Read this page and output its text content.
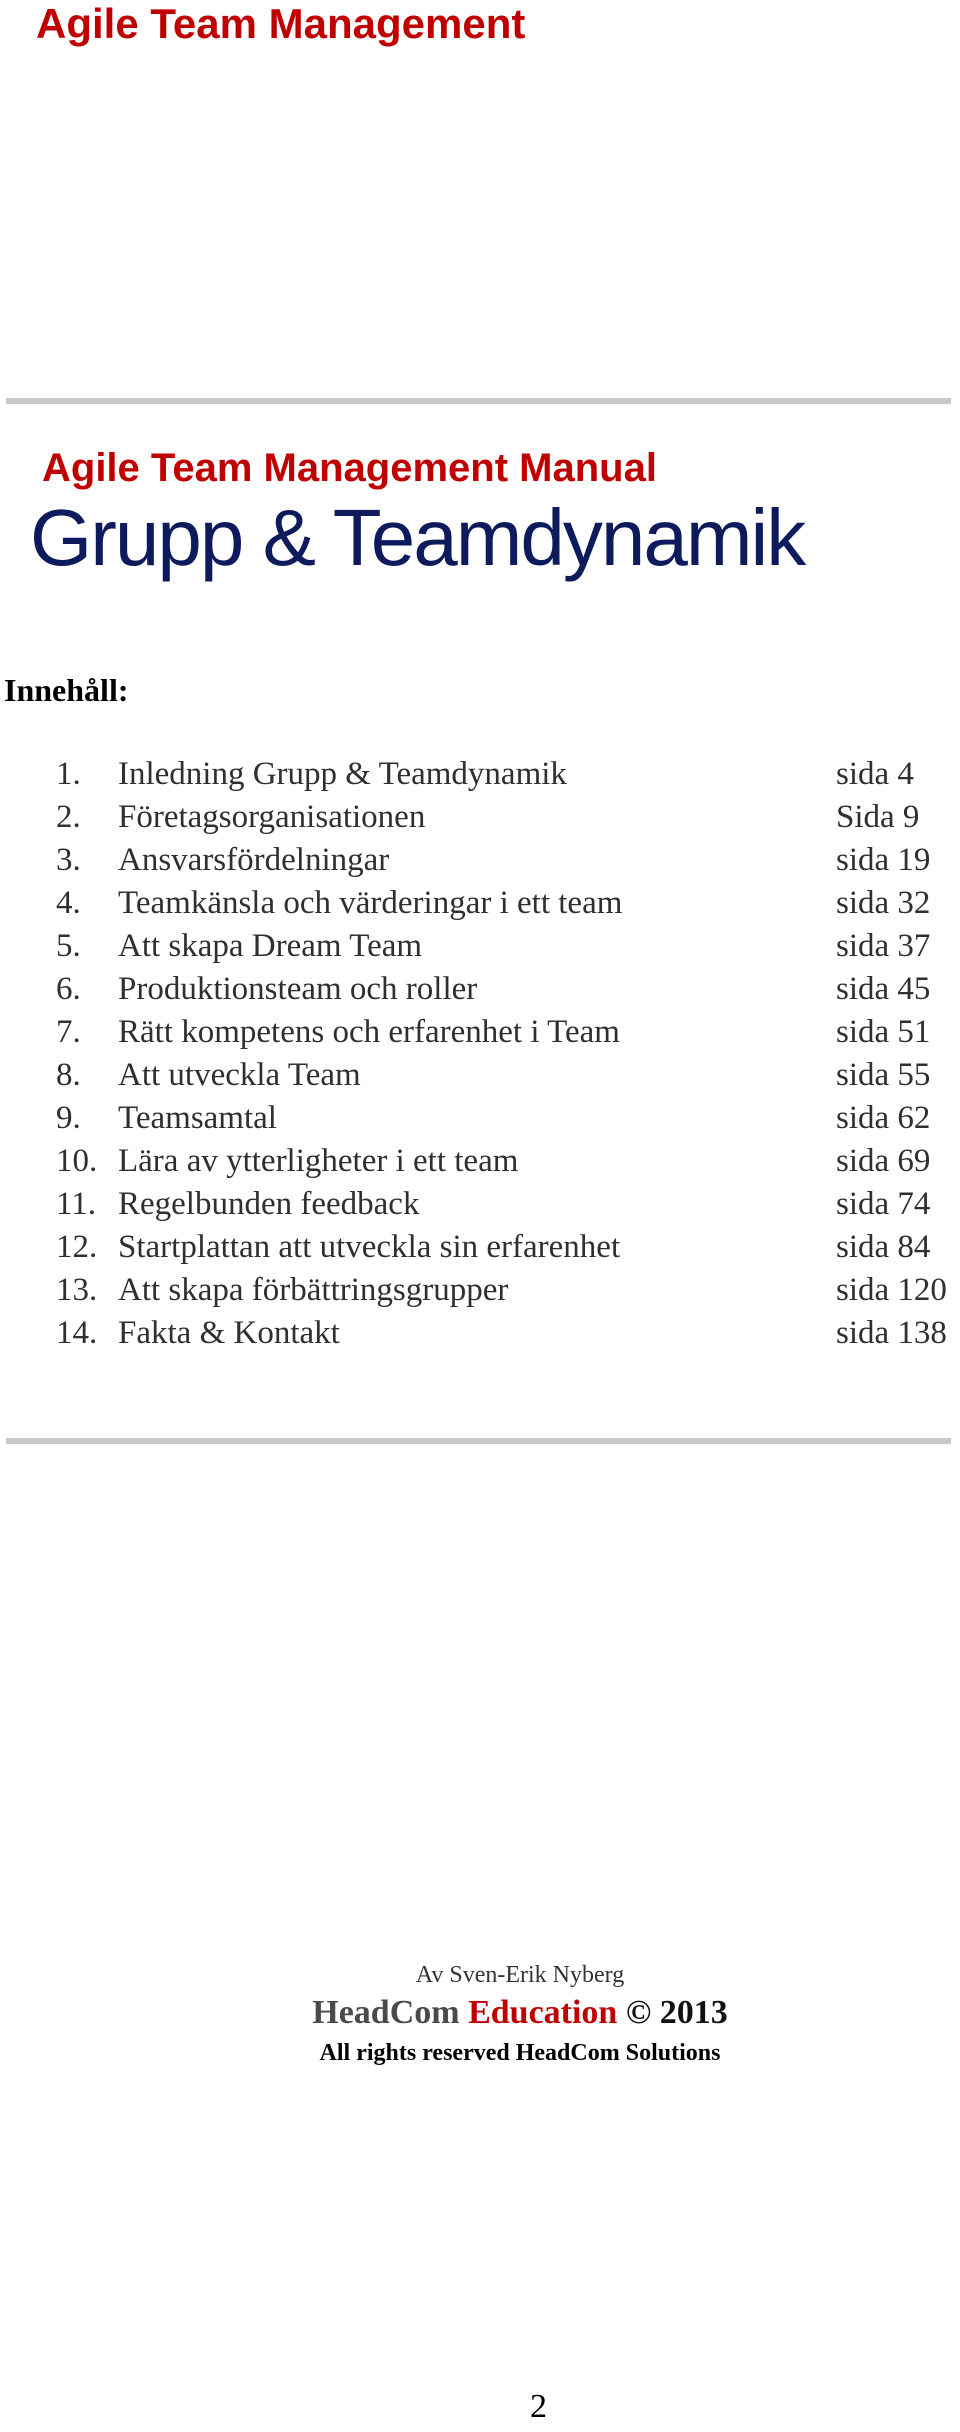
Agile Team Management
Agile Team Management Manual
Grupp & Teamdynamik
Innehåll:
1. Inledning Grupp & Teamdynamik	sida 4
2. Företagsorganisationen	Sida 9
3. Ansvarsfördelningar	sida 19
4. Teamkänsla och värderingar i ett team	sida 32
5. Att skapa Dream Team	sida 37
6. Produktionsteam och roller	sida 45
7. Rätt kompetens och erfarenhet i Team	sida 51
8. Att utveckla Team	sida 55
9. Teamsamtal	sida 62
10. Lära av ytterligheter i ett team	sida 69
11. Regelbunden feedback	sida 74
12. Startplattan att utveckla sin erfarenhet	sida 84
13. Att skapa förbättringsgrupper	sida 120
14. Fakta & Kontakt	sida 138
Av Sven-Erik Nyberg
HeadCom Education © 2013
All rights reserved HeadCom Solutions
2
